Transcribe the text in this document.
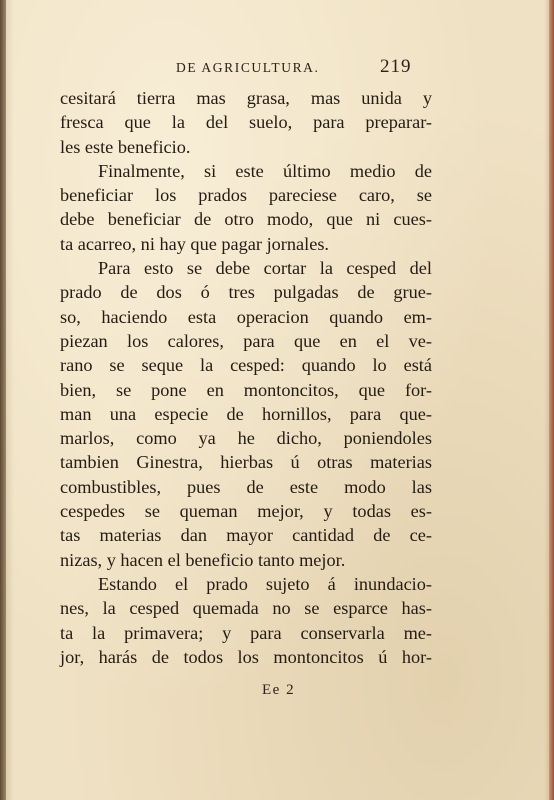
DE AGRICULTURA.	219
cesitará tierra mas grasa, mas unida y
fresca que la del suelo, para preparar-
les este beneficio.
Finalmente, si este último medio de
beneficiar los prados pareciese caro, se
debe beneficiar de otro modo, que ni cues-
ta acarreo, ni hay que pagar jornales.
Para esto se debe cortar la cesped del
prado de dos ó tres pulgadas de grue-
so, haciendo esta operacion quando em-
piezan los calores, para que en el ve-
rano se seque la cesped: quando lo está
bien, se pone en montoncitos, que for-
man una especie de hornillos, para que-
marlos, como ya he dicho, poniendoles
tambien Ginestra, hierbas ú otras materias
combustibles, pues de este modo las
cespedes se queman mejor, y todas es-
tas materias dan mayor cantidad de ce-
nizas, y hacen el beneficio tanto mejor.
Estando el prado sujeto á inundacio-
nes, la cesped quemada no se esparce has-
ta la primavera; y para conservarla me-
jor, harás de todos los montoncitos ú hor-
Ee 2
